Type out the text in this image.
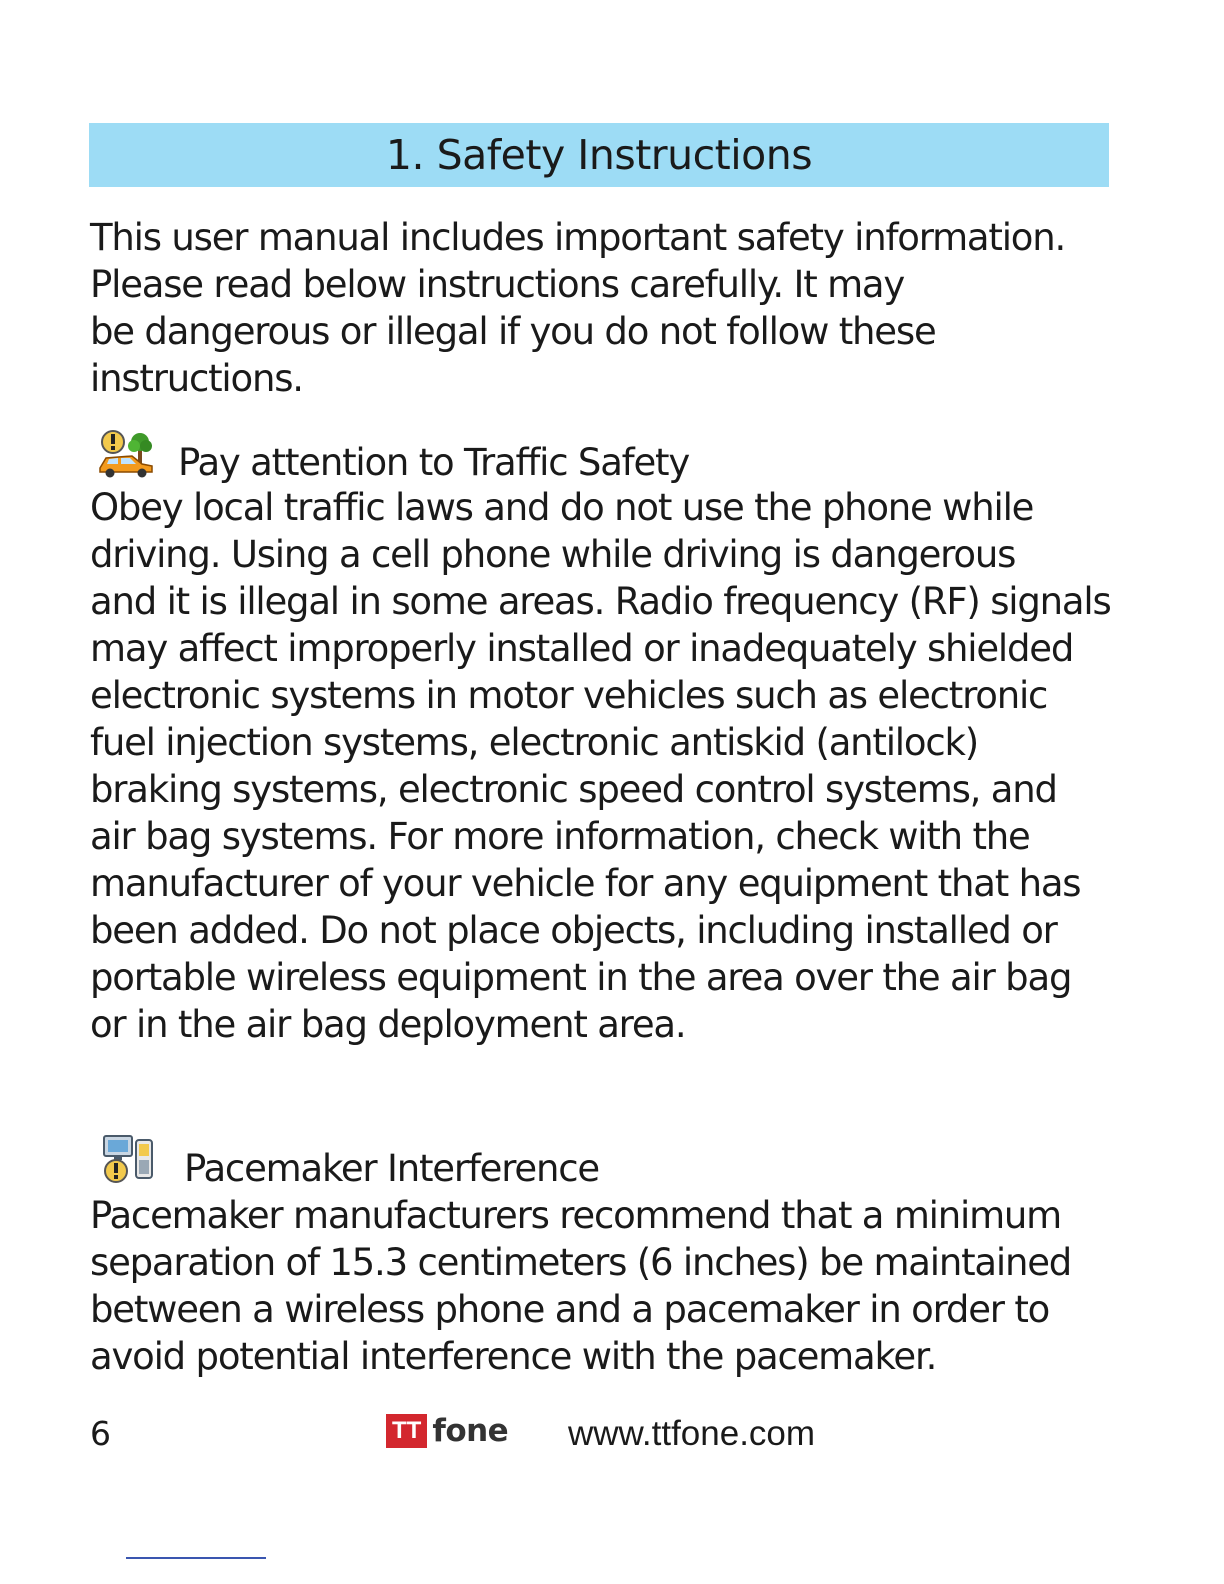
1. Safety Instructions

This user manual includes important safety information.
Please read below instructions carefully. It may
be dangerous or illegal if you do not follow these
instructions.

Pay attention to Traffic Safety

Obey local traffic laws and do not use the phone while
driving. Using a cell phone while driving is dangerous
and it is illegal in some areas. Radio frequency (RF) signals
may affect improperly installed or inadequately shielded
electronic systems in motor vehicles such as electronic
fuel injection systems, electronic antiskid (antilock)
braking systems, electronic speed control systems, and
air bag systems. For more information, check with the
manufacturer of your vehicle for any equipment that has
been added. Do not place objects, including installed or
portable wireless equipment in the area over the air bag
or in the air bag deployment area.

Pacemaker Interference

Pacemaker manufacturers recommend that a minimum
separation of 15.3 centimeters (6 inches) be maintained
between a wireless phone and a pacemaker in order to
avoid potential interference with the pacemaker.

6	TT fone www.ttfone.com
